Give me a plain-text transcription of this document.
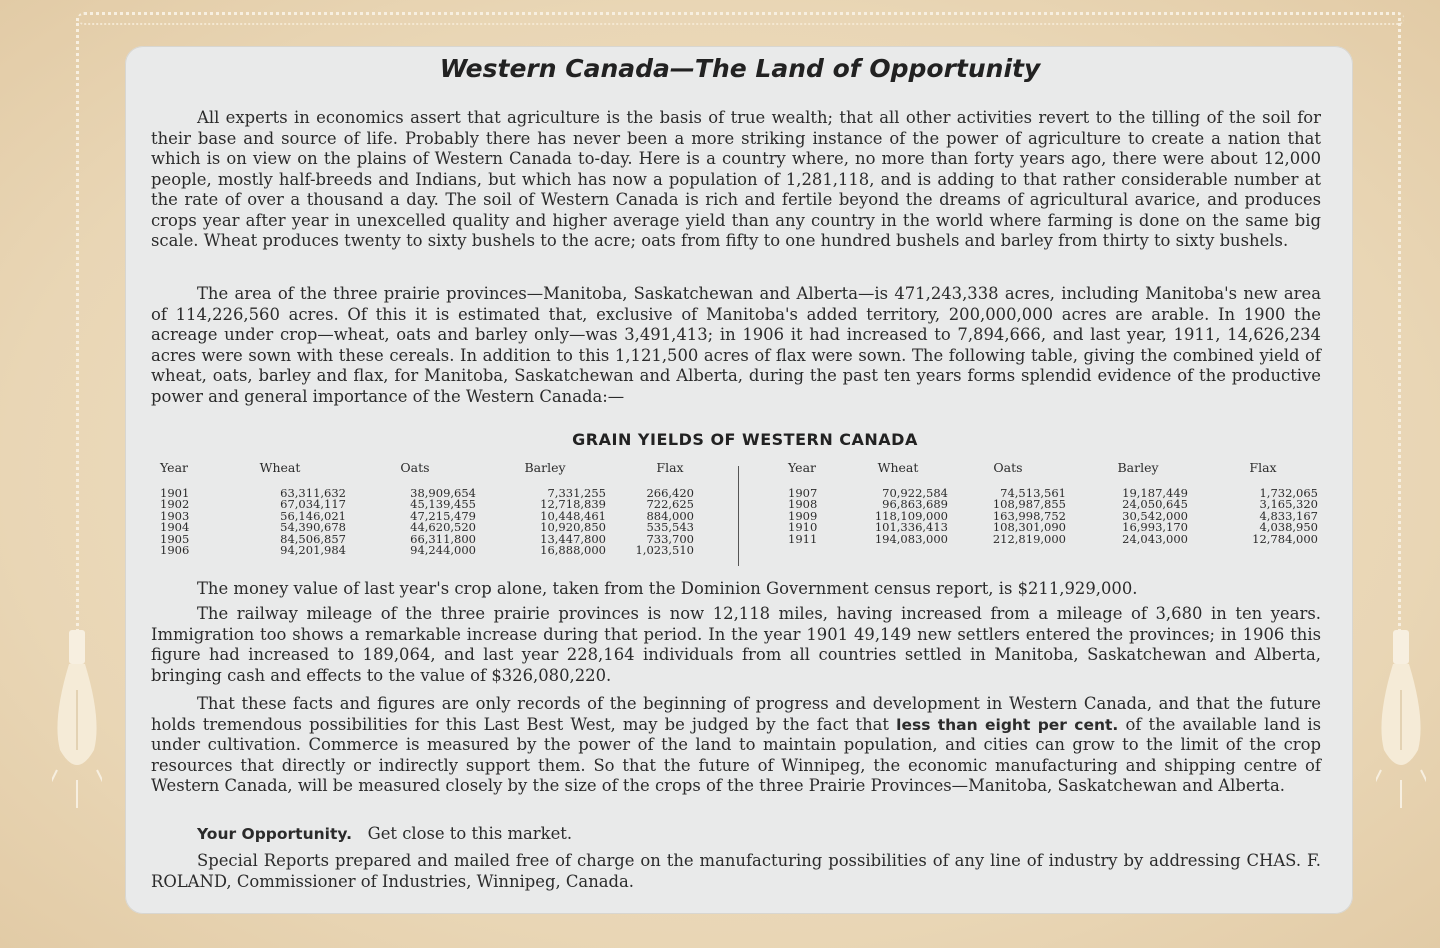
Western Canada—The Land of Opportunity

All experts in economics assert that agriculture is the basis of true wealth; that all other activities revert to the tilling of the soil for their base and source of life. Probably there has never been a more striking instance of the power of agriculture to create a nation that which is on view on the plains of Western Canada to-day. Here is a country where, no more than forty years ago, there were about 12,000 people, mostly half-breeds and Indians, but which has now a population of 1,281,118, and is adding to that rather considerable number at the rate of over a thousand a day. The soil of Western Canada is rich and fertile beyond the dreams of agricultural avarice, and produces crops year after year in unexcelled quality and higher average yield than any country in the world where farming is done on the same big scale. Wheat produces twenty to sixty bushels to the acre; oats from fifty to one hundred bushels and barley from thirty to sixty bushels.

The area of the three prairie provinces—Manitoba, Saskatchewan and Alberta—is 471,243,338 acres, including Manitoba's new area of 114,226,560 acres. Of this it is estimated that, exclusive of Manitoba's added territory, 200,000,000 acres are arable. In 1900 the acreage under crop—wheat, oats and barley only—was 3,491,413; in 1906 it had increased to 7,894,666, and last year, 1911, 14,626,234 acres were sown with these cereals. In addition to this 1,121,500 acres of flax were sown. The following table, giving the combined yield of wheat, oats, barley and flax, for Manitoba, Saskatchewan and Alberta, during the past ten years forms splendid evidence of the productive power and general importance of the Western Canada:—

GRAIN YIELDS OF WESTERN CANADA
Year	Wheat	Oats	Barley	Flax
1901	63,311,632	38,909,654	7,331,255	266,420
1902	67,034,117	45,139,455	12,718,839	722,625
1903	56,146,021	47,215,479	10,448,461	884,000
1904	54,390,678	44,620,520	10,920,850	535,543
1905	84,506,857	66,311,800	13,447,800	733,700
1906	94,201,984	94,244,000	16,888,000	1,023,510
Year	Wheat	Oats	Barley	Flax
1907	70,922,584	74,513,561	19,187,449	1,732,065
1908	96,863,689	108,987,855	24,050,645	3,165,320
1909	118,109,000	163,998,752	30,542,000	4,833,167
1910	101,336,413	108,301,090	16,993,170	4,038,950
1911	194,083,000	212,819,000	24,043,000	12,784,000

The money value of last year's crop alone, taken from the Dominion Government census report, is $211,929,000.

The railway mileage of the three prairie provinces is now 12,118 miles, having increased from a mileage of 3,680 in ten years. Immigration too shows a remarkable increase during that period. In the year 1901 49,149 new settlers entered the provinces; in 1906 this figure had increased to 189,064, and last year 228,164 individuals from all countries settled in Manitoba, Saskatchewan and Alberta, bringing cash and effects to the value of $326,080,220.

That these facts and figures are only records of the beginning of progress and development in Western Canada, and that the future holds tremendous possibilities for this Last Best West, may be judged by the fact that less than eight per cent. of the available land is under cultivation. Commerce is measured by the power of the land to maintain population, and cities can grow to the limit of the crop resources that directly or indirectly support them. So that the future of Winnipeg, the economic manufacturing and shipping centre of Western Canada, will be measured closely by the size of the crops of the three Prairie Provinces—Manitoba, Saskatchewan and Alberta.

Your Opportunity. Get close to this market.

Special Reports prepared and mailed free of charge on the manufacturing possibilities of any line of industry by addressing CHAS. F. ROLAND, Commissioner of Industries, Winnipeg, Canada.
